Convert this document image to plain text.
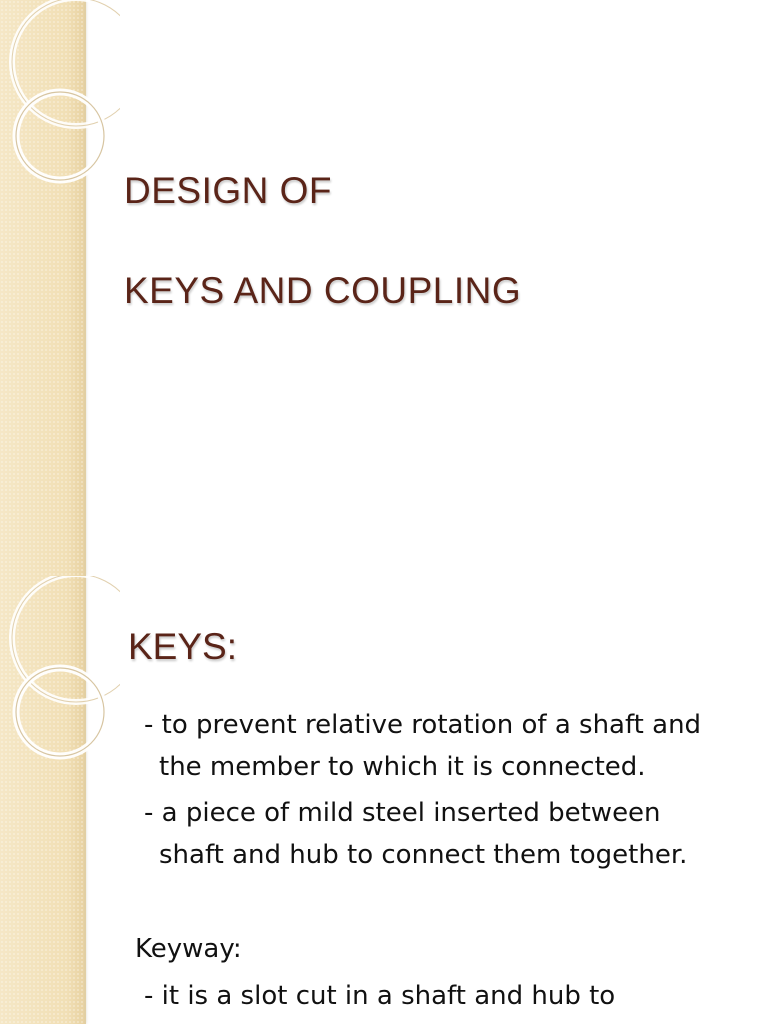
DESIGN OF
KEYS AND COUPLING
KEYS:

- to prevent relative rotation of a shaft and

the member to which it is connected.

- a piece of mild steel inserted between

shaft and hub to connect them together.

Keyway:

- it is a slot cut in a shaft and hub to
